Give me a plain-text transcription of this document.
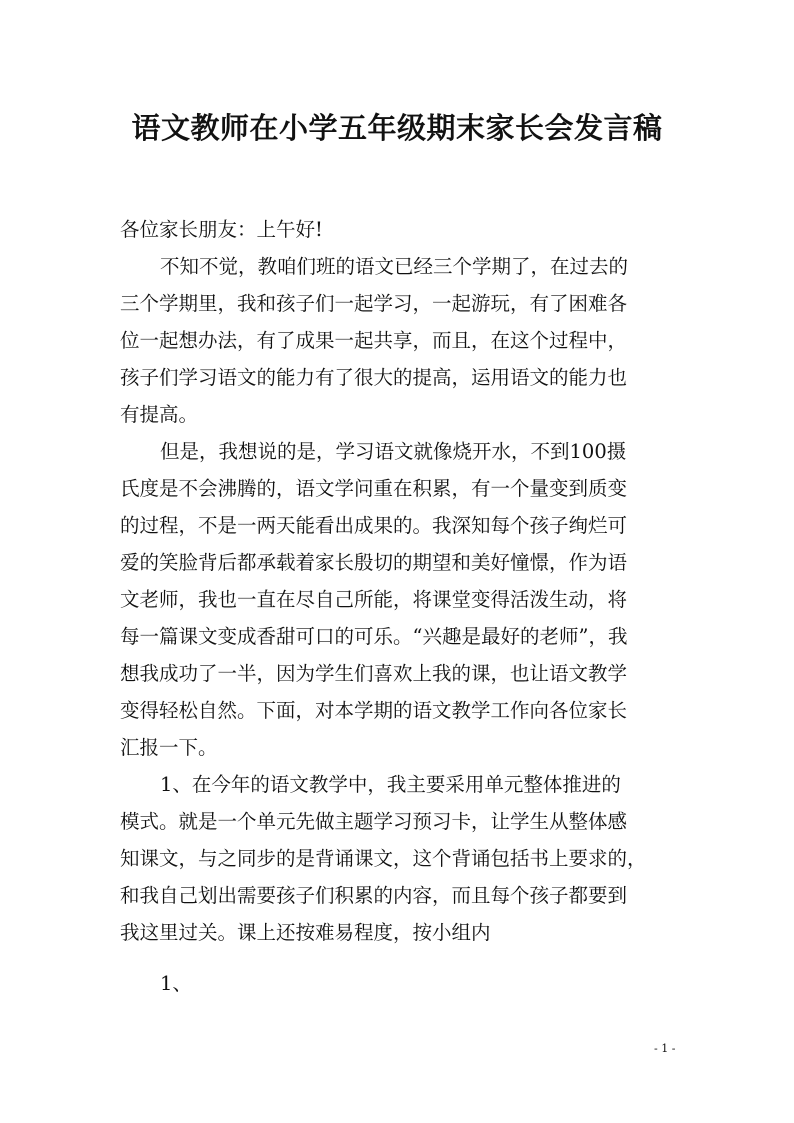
语文教师在小学五年级期末家长会发言稿
各位家长朋友：上午好!
不知不觉，教咱们班的语文已经三个学期了，在过去的
三个学期里，我和孩子们一起学习，一起游玩，有了困难各
位一起想办法，有了成果一起共享，而且，在这个过程中，
孩子们学习语文的能力有了很大的提高，运用语文的能力也
有提高。
但是，我想说的是，学习语文就像烧开水，不到100摄
氏度是不会沸腾的，语文学问重在积累，有一个量变到质变
的过程，不是一两天能看出成果的。我深知每个孩子绚烂可
爱的笑脸背后都承载着家长殷切的期望和美好憧憬，作为语
文老师，我也一直在尽自己所能，将课堂变得活泼生动，将
每一篇课文变成香甜可口的可乐。“兴趣是最好的老师”，我
想我成功了一半，因为学生们喜欢上我的课，也让语文教学
变得轻松自然。下面，对本学期的语文教学工作向各位家长
汇报一下。
1、在今年的语文教学中，我主要采用单元整体推进的
模式。就是一个单元先做主题学习预习卡，让学生从整体感
知课文，与之同步的是背诵课文，这个背诵包括书上要求的，
和我自己划出需要孩子们积累的内容，而且每个孩子都要到
我这里过关。课上还按难易程度，按小组内
1、
- 1 -
